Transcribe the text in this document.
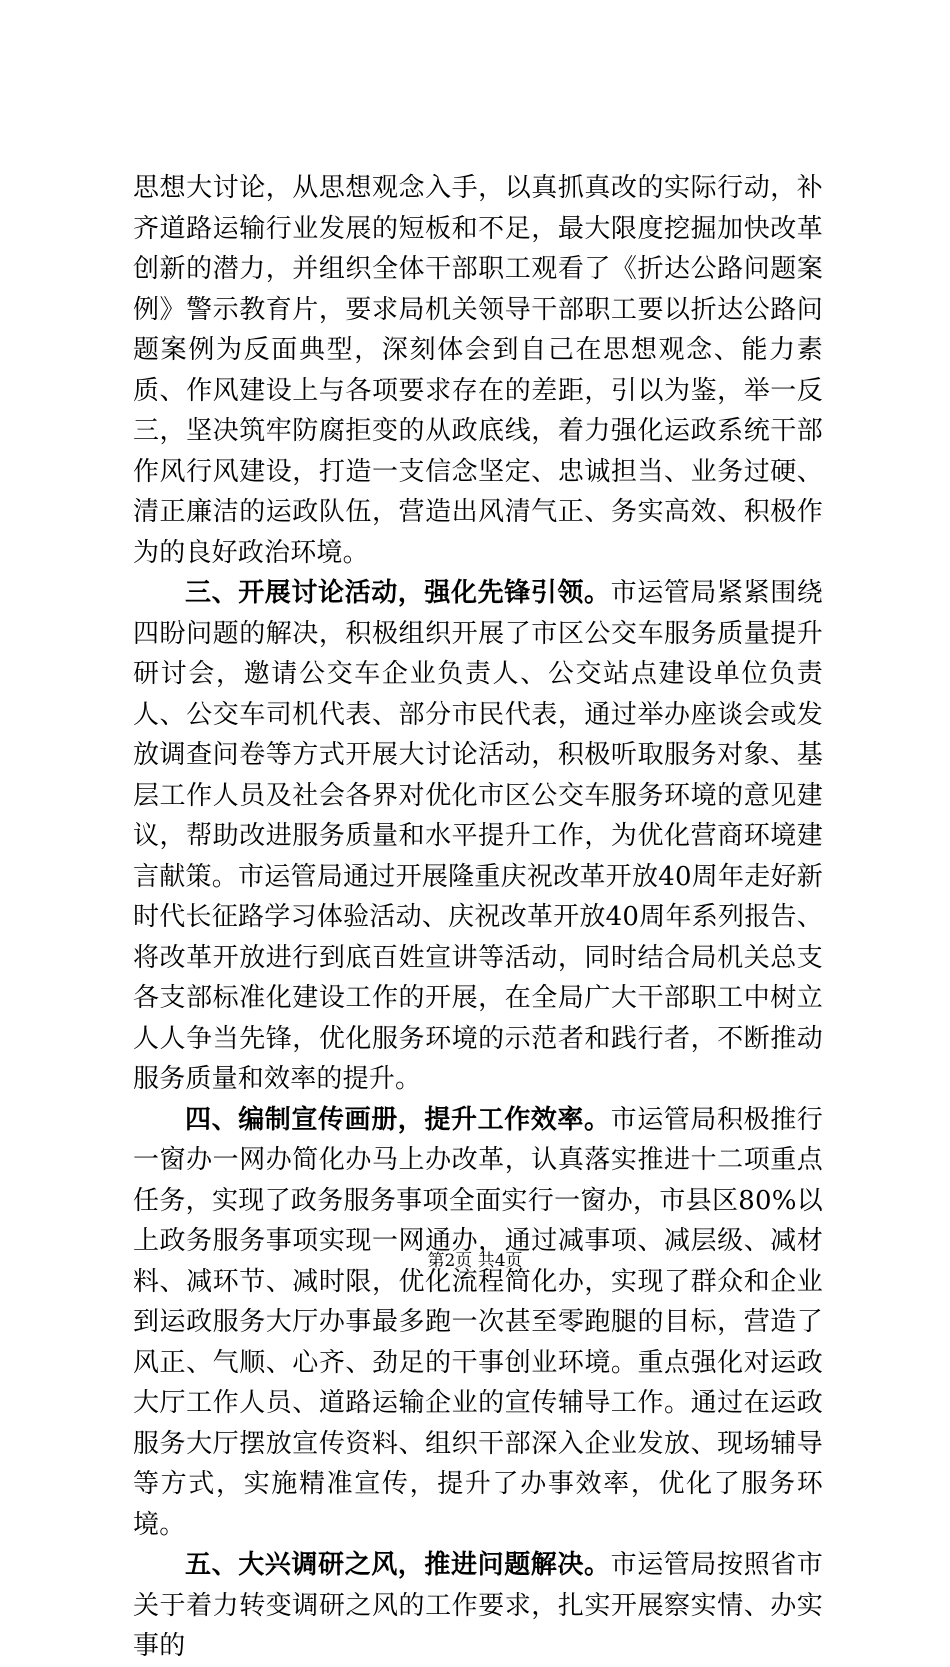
思想大讨论，从思想观念入手，以真抓真改的实际行动，补齐道路运输行业发展的短板和不足，最大限度挖掘加快改革创新的潜力，并组织全体干部职工观看了《折达公路问题案例》警示教育片，要求局机关领导干部职工要以折达公路问题案例为反面典型，深刻体会到自己在思想观念、能力素质、作风建设上与各项要求存在的差距，引以为鉴，举一反三，坚决筑牢防腐拒变的从政底线，着力强化运政系统干部作风行风建设，打造一支信念坚定、忠诚担当、业务过硬、清正廉洁的运政队伍，营造出风清气正、务实高效、积极作为的良好政治环境。

三、开展讨论活动，强化先锋引领。市运管局紧紧围绕四盼问题的解决，积极组织开展了市区公交车服务质量提升研讨会，邀请公交车企业负责人、公交站点建设单位负责人、公交车司机代表、部分市民代表，通过举办座谈会或发放调查问卷等方式开展大讨论活动，积极听取服务对象、基层工作人员及社会各界对优化市区公交车服务环境的意见建议，帮助改进服务质量和水平提升工作，为优化营商环境建言献策。市运管局通过开展隆重庆祝改革开放40周年走好新时代长征路学习体验活动、庆祝改革开放40周年系列报告、将改革开放进行到底百姓宣讲等活动，同时结合局机关总支各支部标准化建设工作的开展，在全局广大干部职工中树立人人争当先锋，优化服务环境的示范者和践行者，不断推动服务质量和效率的提升。

四、编制宣传画册，提升工作效率。市运管局积极推行一窗办一网办简化办马上办改革，认真落实推进十二项重点任务，实现了政务服务事项全面实行一窗办，市县区80%以上政务服务事项实现一网通办，通过减事项、减层级、减材料、减环节、减时限，优化流程简化办，实现了群众和企业到运政服务大厅办事最多跑一次甚至零跑腿的目标，营造了风正、气顺、心齐、劲足的干事创业环境。重点强化对运政大厅工作人员、道路运输企业的宣传辅导工作。通过在运政服务大厅摆放宣传资料、组织干部深入企业发放、现场辅导等方式，实施精准宣传，提升了办事效率，优化了服务环境。

五、大兴调研之风，推进问题解决。市运管局按照省市关于着力转变调研之风的工作要求，扎实开展察实情、办实事的

第2页 共4页
